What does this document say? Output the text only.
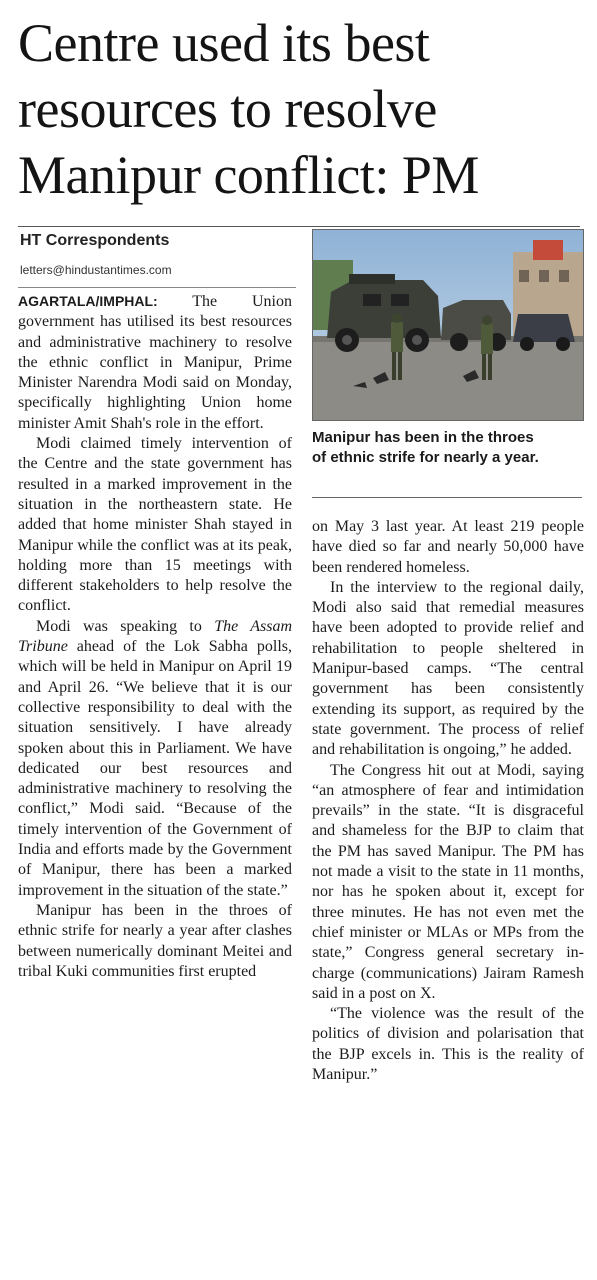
Centre used its best resources to resolve Manipur conflict: PM
HT Correspondents
letters@hindustantimes.com

AGARTALA/IMPHAL: The Union government has utilised its best resources and administrative machinery to resolve the ethnic conflict in Manipur, Prime Minister Narendra Modi said on Monday, specifically highlighting Union home minister Amit Shah's role in the effort.

Modi claimed timely intervention of the Centre and the state government has resulted in a marked improvement in the situation in the northeastern state. He added that home minister Shah stayed in Manipur while the conflict was at its peak, holding more than 15 meetings with different stakeholders to help resolve the conflict.

Modi was speaking to The Assam Tribune ahead of the Lok Sabha polls, which will be held in Manipur on April 19 and April 26. “We believe that it is our collective responsibility to deal with the situation sensitively. I have already spoken about this in Parliament. We have dedicated our best resources and administrative machinery to resolving the conflict,” Modi said. “Because of the timely intervention of the Government of India and efforts made by the Government of Manipur, there has been a marked improvement in the situation of the state.”

Manipur has been in the throes of ethnic strife for nearly a year after clashes between numerically dominant Meitei and tribal Kuki communities first erupted

Manipur has been in the throes of ethnic strife for nearly a year.

on May 3 last year. At least 219 people have died so far and nearly 50,000 have been rendered homeless.

In the interview to the regional daily, Modi also said that remedial measures have been adopted to provide relief and rehabilitation to people sheltered in Manipur-based camps. “The central government has been consistently extending its support, as required by the state government. The process of relief and rehabilitation is ongoing,” he added.

The Congress hit out at Modi, saying “an atmosphere of fear and intimidation prevails” in the state. “It is disgraceful and shameless for the BJP to claim that the PM has saved Manipur. The PM has not made a visit to the state in 11 months, nor has he spoken about it, except for three minutes. He has not even met the chief minister or MLAs or MPs from the state,” Congress general secretary in-charge (communications) Jairam Ramesh said in a post on X.

“The violence was the result of the politics of division and polarisation that the BJP excels in. This is the reality of Manipur.”
